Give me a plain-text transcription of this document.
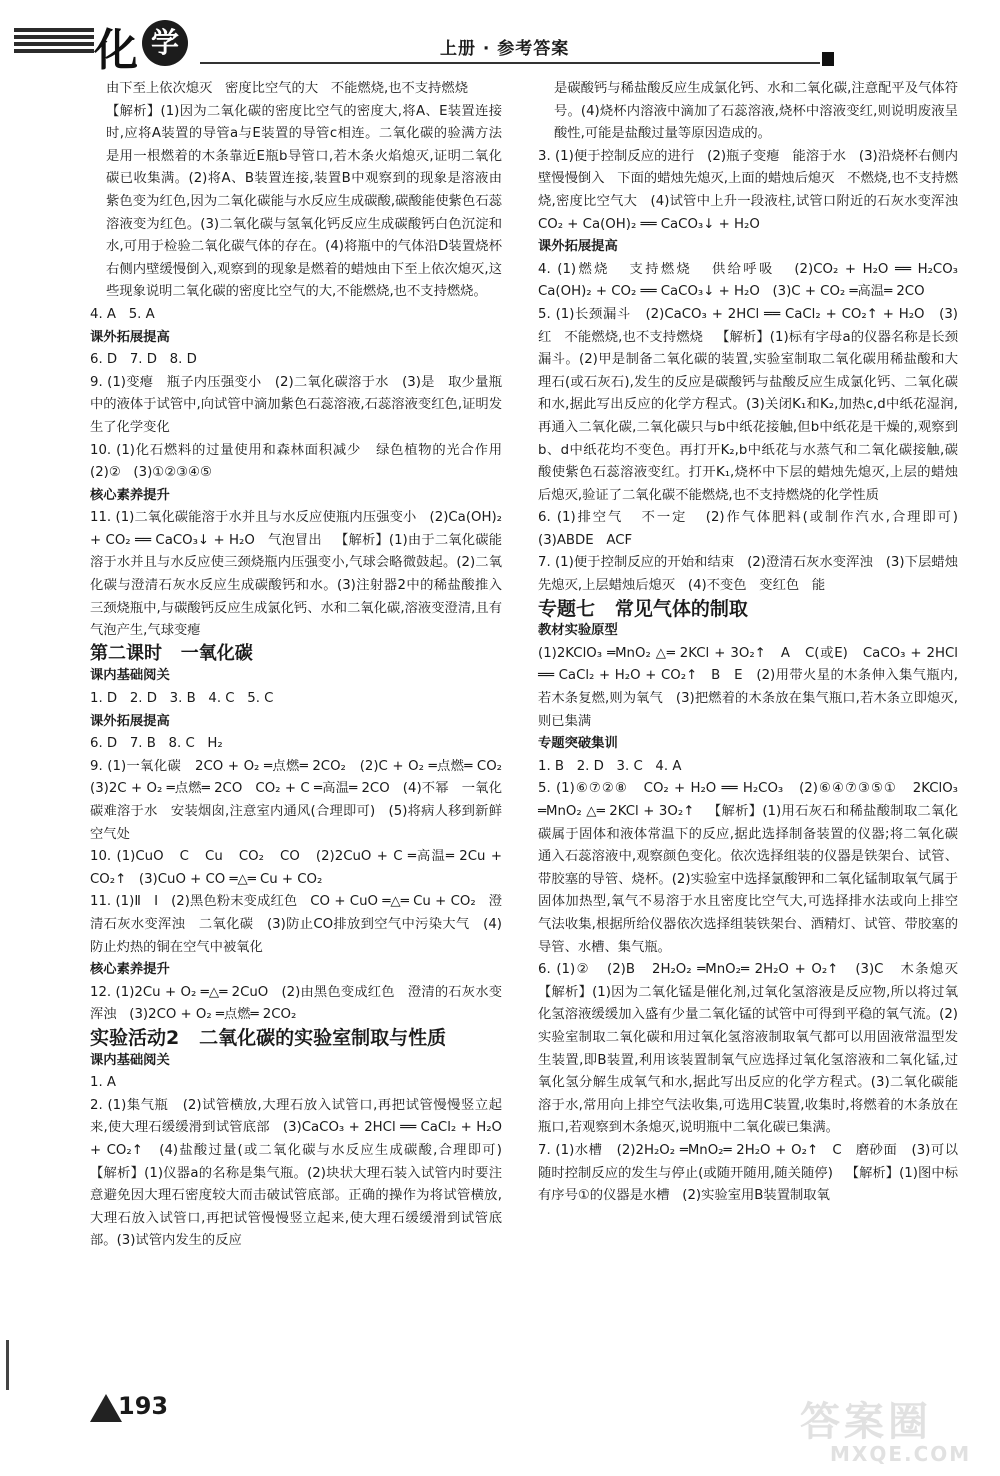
化 学	上册 · 参考答案

由下至上依次熄灭   密度比空气的大   不能燃烧,也不支持燃烧

【解析】(1)因为二氧化碳的密度比空气的密度大,将A、E装置连接时,应将A装置的导管a与E装置的导管c相连。二氧化碳的验满方法是用一根燃着的木条靠近E瓶b导管口,若木条火焰熄灭,证明二氧化碳已收集满。(2)将A、B装置连接,装置B中观察到的现象是溶液由紫色变为红色,因为二氧化碳能与水反应生成碳酸,碳酸能使紫色石蕊溶液变为红色。(3)二氧化碳与氢氧化钙反应生成碳酸钙白色沉淀和水,可用于检验二氧化碳气体的存在。(4)将瓶中的气体沿D装置烧杯右侧内壁缓慢倒入,观察到的现象是燃着的蜡烛由下至上依次熄灭,这些现象说明二氧化碳的密度比空气的大,不能燃烧,也不支持燃烧。

4. A   5. A

课外拓展提高

6. D   7. D   8. D

9. (1)变瘪   瓶子内压强变小   (2)二氧化碳溶于水   (3)是   取少量瓶中的液体于试管中,向试管中滴加紫色石蕊溶液,石蕊溶液变红色,证明发生了化学变化

10. (1)化石燃料的过量使用和森林面积减少   绿色植物的光合作用   (2)②   (3)①②③④⑤

核心素养提升

11. (1)二氧化碳能溶于水并且与水反应使瓶内压强变小   (2)Ca(OH)₂ + CO₂ ══ CaCO₃↓ + H₂O   气泡冒出   【解析】(1)由于二氧化碳能溶于水并且与水反应使三颈烧瓶内压强变小,气球会略微鼓起。(2)二氧化碳与澄清石灰水反应生成碳酸钙和水。(3)注射器2中的稀盐酸推入三颈烧瓶中,与碳酸钙反应生成氯化钙、水和二氧化碳,溶液变澄清,且有气泡产生,气球变瘪

第二课时   一氧化碳

课内基础阅关

1. D   2. D   3. B   4. C   5. C

课外拓展提高

6. D   7. B   8. C   H₂

9. (1)一氧化碳   2CO + O₂ ═点燃═ 2CO₂   (2)C + O₂ ═点燃═ CO₂   (3)2C + O₂ ═点燃═ 2CO   CO₂ + C ═高温═ 2CO   (4)不幂   一氧化碳难溶于水   安装烟囱,注意室内通风(合理即可)   (5)将病人移到新鲜空气处

10. (1)CuO   C   Cu   CO₂   CO   (2)2CuO + C ═高温═ 2Cu + CO₂↑   (3)CuO + CO ═△═ Cu + CO₂

11. (1)Ⅱ   Ⅰ   (2)黑色粉末变成红色   CO + CuO ═△═ Cu + CO₂   澄清石灰水变浑浊   二氧化碳   (3)防止CO排放到空气中污染大气   (4)防止灼热的铜在空气中被氧化

核心素养提升

12. (1)2Cu + O₂ ═△═ 2CuO   (2)由黑色变成红色   澄清的石灰水变浑浊   (3)2CO + O₂ ═点燃═ 2CO₂

实验活动2   二氧化碳的实验室制取与性质

课内基础阅关

1. A

2. (1)集气瓶   (2)试管横放,大理石放入试管口,再把试管慢慢竖立起来,使大理石缓缓滑到试管底部   (3)CaCO₃ + 2HCl ══ CaCl₂ + H₂O + CO₂↑   (4)盐酸过量(或二氧化碳与水反应生成碳酸,合理即可)   【解析】(1)仪器a的名称是集气瓶。(2)块状大理石装入试管内时要注意避免因大理石密度较大而击破试管底部。正确的操作为将试管横放,大理石放入试管口,再把试管慢慢竖立起来,使大理石缓缓滑到试管底部。(3)试管内发生的反应

是碳酸钙与稀盐酸反应生成氯化钙、水和二氧化碳,注意配平及气体符号。(4)烧杯内溶液中滴加了石蕊溶液,烧杯中溶液变红,则说明废液呈酸性,可能是盐酸过量等原因造成的。

3. (1)便于控制反应的进行   (2)瓶子变瘪   能溶于水   (3)沿烧杯右侧内壁慢慢倒入   下面的蜡烛先熄灭,上面的蜡烛后熄灭   不燃烧,也不支持燃烧,密度比空气大   (4)试管中上升一段液柱,试管口附近的石灰水变浑浊   CO₂ + Ca(OH)₂ ══ CaCO₃↓ + H₂O

课外拓展提高

4. (1)燃烧   支持燃烧   供给呼吸   (2)CO₂ + H₂O ══ H₂CO₃   Ca(OH)₂ + CO₂ ══ CaCO₃↓ + H₂O   (3)C + CO₂ ═高温═ 2CO

5. (1)长颈漏斗   (2)CaCO₃ + 2HCl ══ CaCl₂ + CO₂↑ + H₂O   (3)红   不能燃烧,也不支持燃烧   【解析】(1)标有字母a的仪器名称是长颈漏斗。(2)甲是制备二氧化碳的装置,实验室制取二氧化碳用稀盐酸和大理石(或石灰石),发生的反应是碳酸钙与盐酸反应生成氯化钙、二氧化碳和水,据此写出反应的化学方程式。(3)关闭K₁和K₂,加热c,d中纸花湿润,再通入二氧化碳,二氧化碳只与b中纸花接触,但b中纸花是干燥的,观察到b、d中纸花均不变色。再打开K₂,b中纸花与水蒸气和二氧化碳接触,碳酸使紫色石蕊溶液变红。打开K₁,烧杯中下层的蜡烛先熄灭,上层的蜡烛后熄灭,验证了二氧化碳不能燃烧,也不支持燃烧的化学性质

6. (1)排空气   不一定   (2)作气体肥料(或制作汽水,合理即可)   (3)ABDE   ACF

7. (1)便于控制反应的开始和结束   (2)澄清石灰水变浑浊   (3)下层蜡烛先熄灭,上层蜡烛后熄灭   (4)不变色   变红色   能

专题七   常见气体的制取

教材实验原型

(1)2KClO₃ ═MnO₂ △═ 2KCl + 3O₂↑   A   C(或E)   CaCO₃ + 2HCl ══ CaCl₂ + H₂O + CO₂↑   B   E   (2)用带火星的木条伸入集气瓶内,若木条复燃,则为氧气   (3)把燃着的木条放在集气瓶口,若木条立即熄灭,则已集满

专题突破集训

1. B   2. D   3. C   4. A

5. (1)⑥⑦②⑧   CO₂ + H₂O ══ H₂CO₃   (2)⑥④⑦③⑤①   2KClO₃ ═MnO₂ △═ 2KCl + 3O₂↑   【解析】(1)用石灰石和稀盐酸制取二氧化碳属于固体和液体常温下的反应,据此选择制备装置的仪器;将二氧化碳通入石蕊溶液中,观察颜色变化。依次选择组装的仪器是铁架台、试管、带胶塞的导管、烧杯。(2)实验室中选择氯酸钾和二氧化锰制取氧气属于固体加热型,氧气不易溶于水且密度比空气大,可选择排水法或向上排空气法收集,根据所给仪器依次选择组装铁架台、酒精灯、试管、带胶塞的导管、水槽、集气瓶。

6. (1)②   (2)B   2H₂O₂ ═MnO₂═ 2H₂O + O₂↑   (3)C   木条熄灭   【解析】(1)因为二氧化锰是催化剂,过氧化氢溶液是反应物,所以将过氧化氢溶液缓缓加入盛有少量二氧化锰的试管中可得到平稳的氧气流。(2)实验室制取二氧化碳和用过氧化氢溶液制取氧气都可以用固液常温型发生装置,即B装置,利用该装置制氧气应选择过氧化氢溶液和二氧化锰,过氧化氢分解生成氧气和水,据此写出反应的化学方程式。(3)二氧化碳能溶于水,常用向上排空气法收集,可选用C装置,收集时,将燃着的木条放在瓶口,若观察到木条熄灭,说明瓶中二氧化碳已集满。

7. (1)水槽   (2)2H₂O₂ ═MnO₂═ 2H₂O + O₂↑   C   磨砂面   (3)可以随时控制反应的发生与停止(或随开随用,随关随停)   【解析】(1)图中标有序号①的仪器是水槽   (2)实验室用B装置制取氧

193	答案圈
MXQE.COM
